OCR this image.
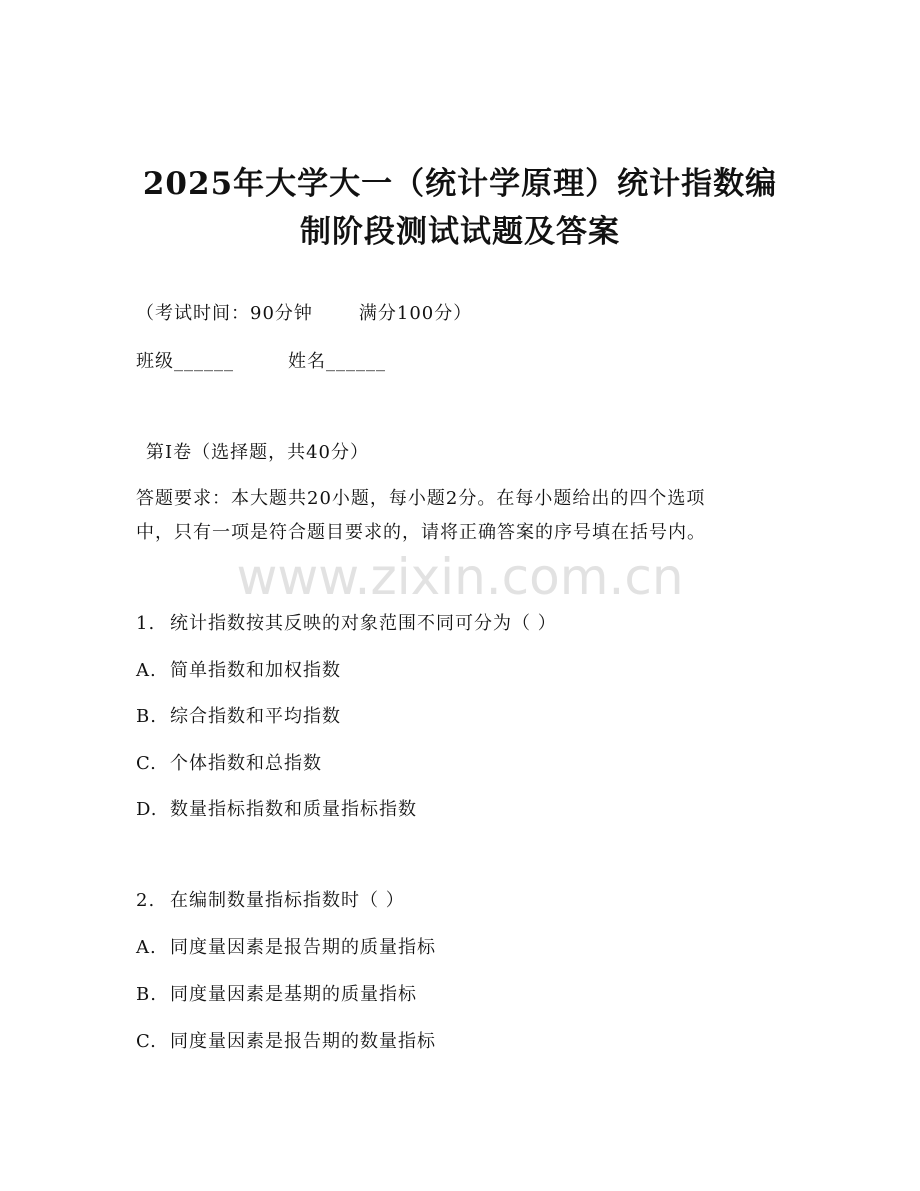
2025年大学大一（统计学原理）统计指数编
制阶段测试试题及答案
（考试时间：90分钟	满分100分）
班级______	姓名______
第I卷（选择题，共40分）
答题要求：本大题共20小题，每小题2分。在每小题给出的四个选项
中，只有一项是符合题目要求的，请将正确答案的序号填在括号内。
www.zixin.com.cn
1. 统计指数按其反映的对象范围不同可分为（ ）
A. 简单指数和加权指数
B. 综合指数和平均指数
C. 个体指数和总指数
D. 数量指标指数和质量指标指数
2. 在编制数量指标指数时（ ）
A. 同度量因素是报告期的质量指标
B. 同度量因素是基期的质量指标
C. 同度量因素是报告期的数量指标
